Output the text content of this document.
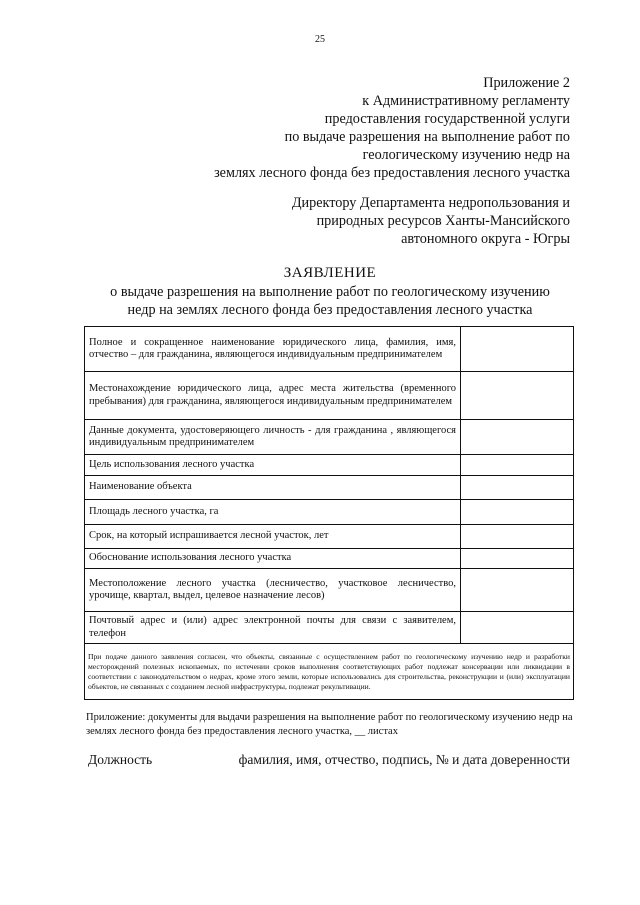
25
Приложение 2
к Административному регламенту
предоставления государственной услуги
по выдаче разрешения на выполнение работ по
геологическому изучению недр на
землях лесного фонда без предоставления лесного участка
Директору Департамента недропользования и
природных ресурсов Ханты-Мансийского
автономного округа - Югры
ЗАЯВЛЕНИЕ
о выдаче разрешения на выполнение работ по геологическому изучению
недр на землях лесного фонда без предоставления лесного участка
Полное и сокращенное наименование юридического лица, фамилия, имя, отчество – для гражданина, являющегося индивидуальным предпринимателем	
Местонахождение юридического лица, адрес места жительства (временного пребывания) для гражданина, являющегося индивидуальным предпринимателем	
Данные документа, удостоверяющего личность - для гражданина , являющегося индивидуальным предпринимателем	
Цель использования лесного участка	
Наименование объекта	
Площадь лесного участка, га	
Срок, на который испрашивается лесной участок, лет	
Обоснование использования лесного участка	
Местоположение лесного участка (лесничество, участковое лесничество, урочище, квартал, выдел, целевое назначение лесов)	
Почтовый адрес и (или) адрес электронной почты для связи с заявителем, телефон	
При подаче данного заявления согласен, что объекты, связанные с осуществлением работ по геологическому изучению недр и разработки месторождений полезных ископаемых, по истечении сроков выполнения соответствующих работ подлежат консервации или ликвидации в соответствии с законодательством о недрах, кроме этого земли, которые использовались для строительства, реконструкции и (или) эксплуатации объектов, не связанных с созданием лесной инфраструктуры, подлежат рекультивации.	
Приложение: документы для выдачи разрешения на выполнение работ по геологическому изучению недр на землях лесного фонда без предоставления лесного участка, __ листах
Должность	фамилия, имя, отчество, подпись, № и дата доверенности
